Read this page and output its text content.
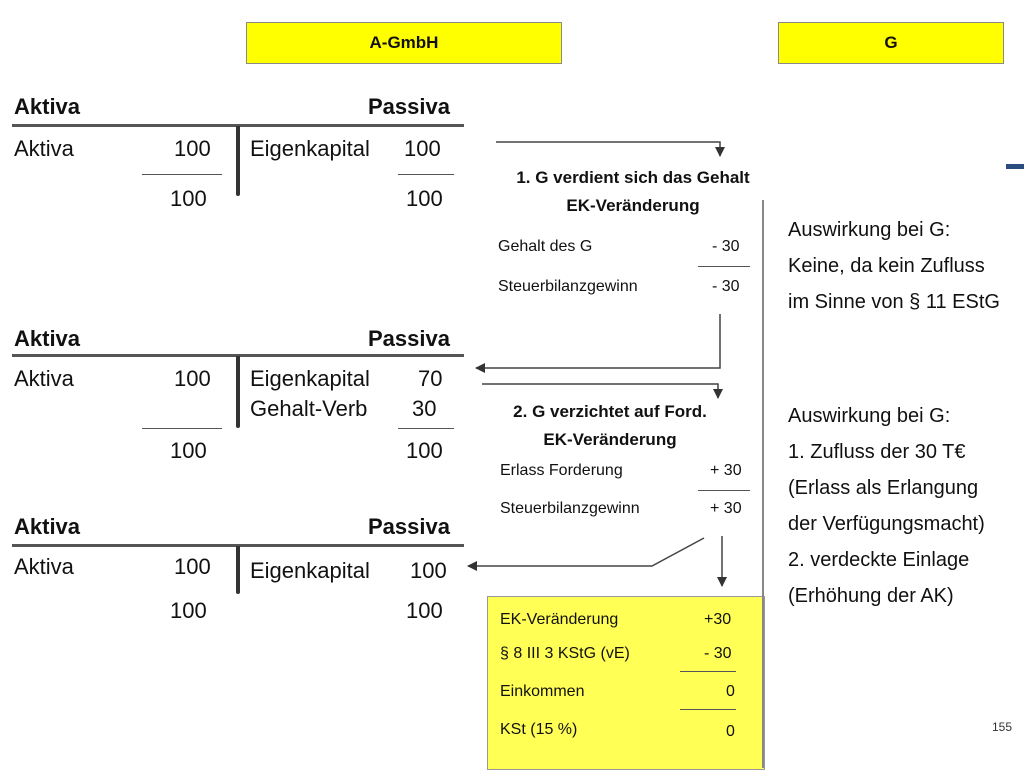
A-GmbH	G
Aktiva	Passiva
Aktiva	100 Eigenkapital 100
100	100
Aktiva	Passiva
Aktiva	100 Eigenkapital 70
Gehalt-Verb 30
100	100
Aktiva	Passiva
Aktiva	100 Eigenkapital 100
100	100
1. G verdient sich das Gehalt
EK-Veränderung
Gehalt des G	- 30
Steuerbilanzgewinn	- 30
2. G verzichtet auf Ford.
EK-Veränderung
Erlass Forderung	+ 30
Steuerbilanzgewinn	+ 30
EK-Veränderung	+30
§ 8 III 3 KStG (vE)	- 30
Einkommen	0
KSt (15 %)	0
Auswirkung bei G:
Keine, da kein Zufluss
im Sinne von § 11 EStG
Auswirkung bei G:
1. Zufluss der 30 T€
(Erlass als Erlangung
der Verfügungsmacht)
2. verdeckte Einlage
(Erhöhung der AK)
155
